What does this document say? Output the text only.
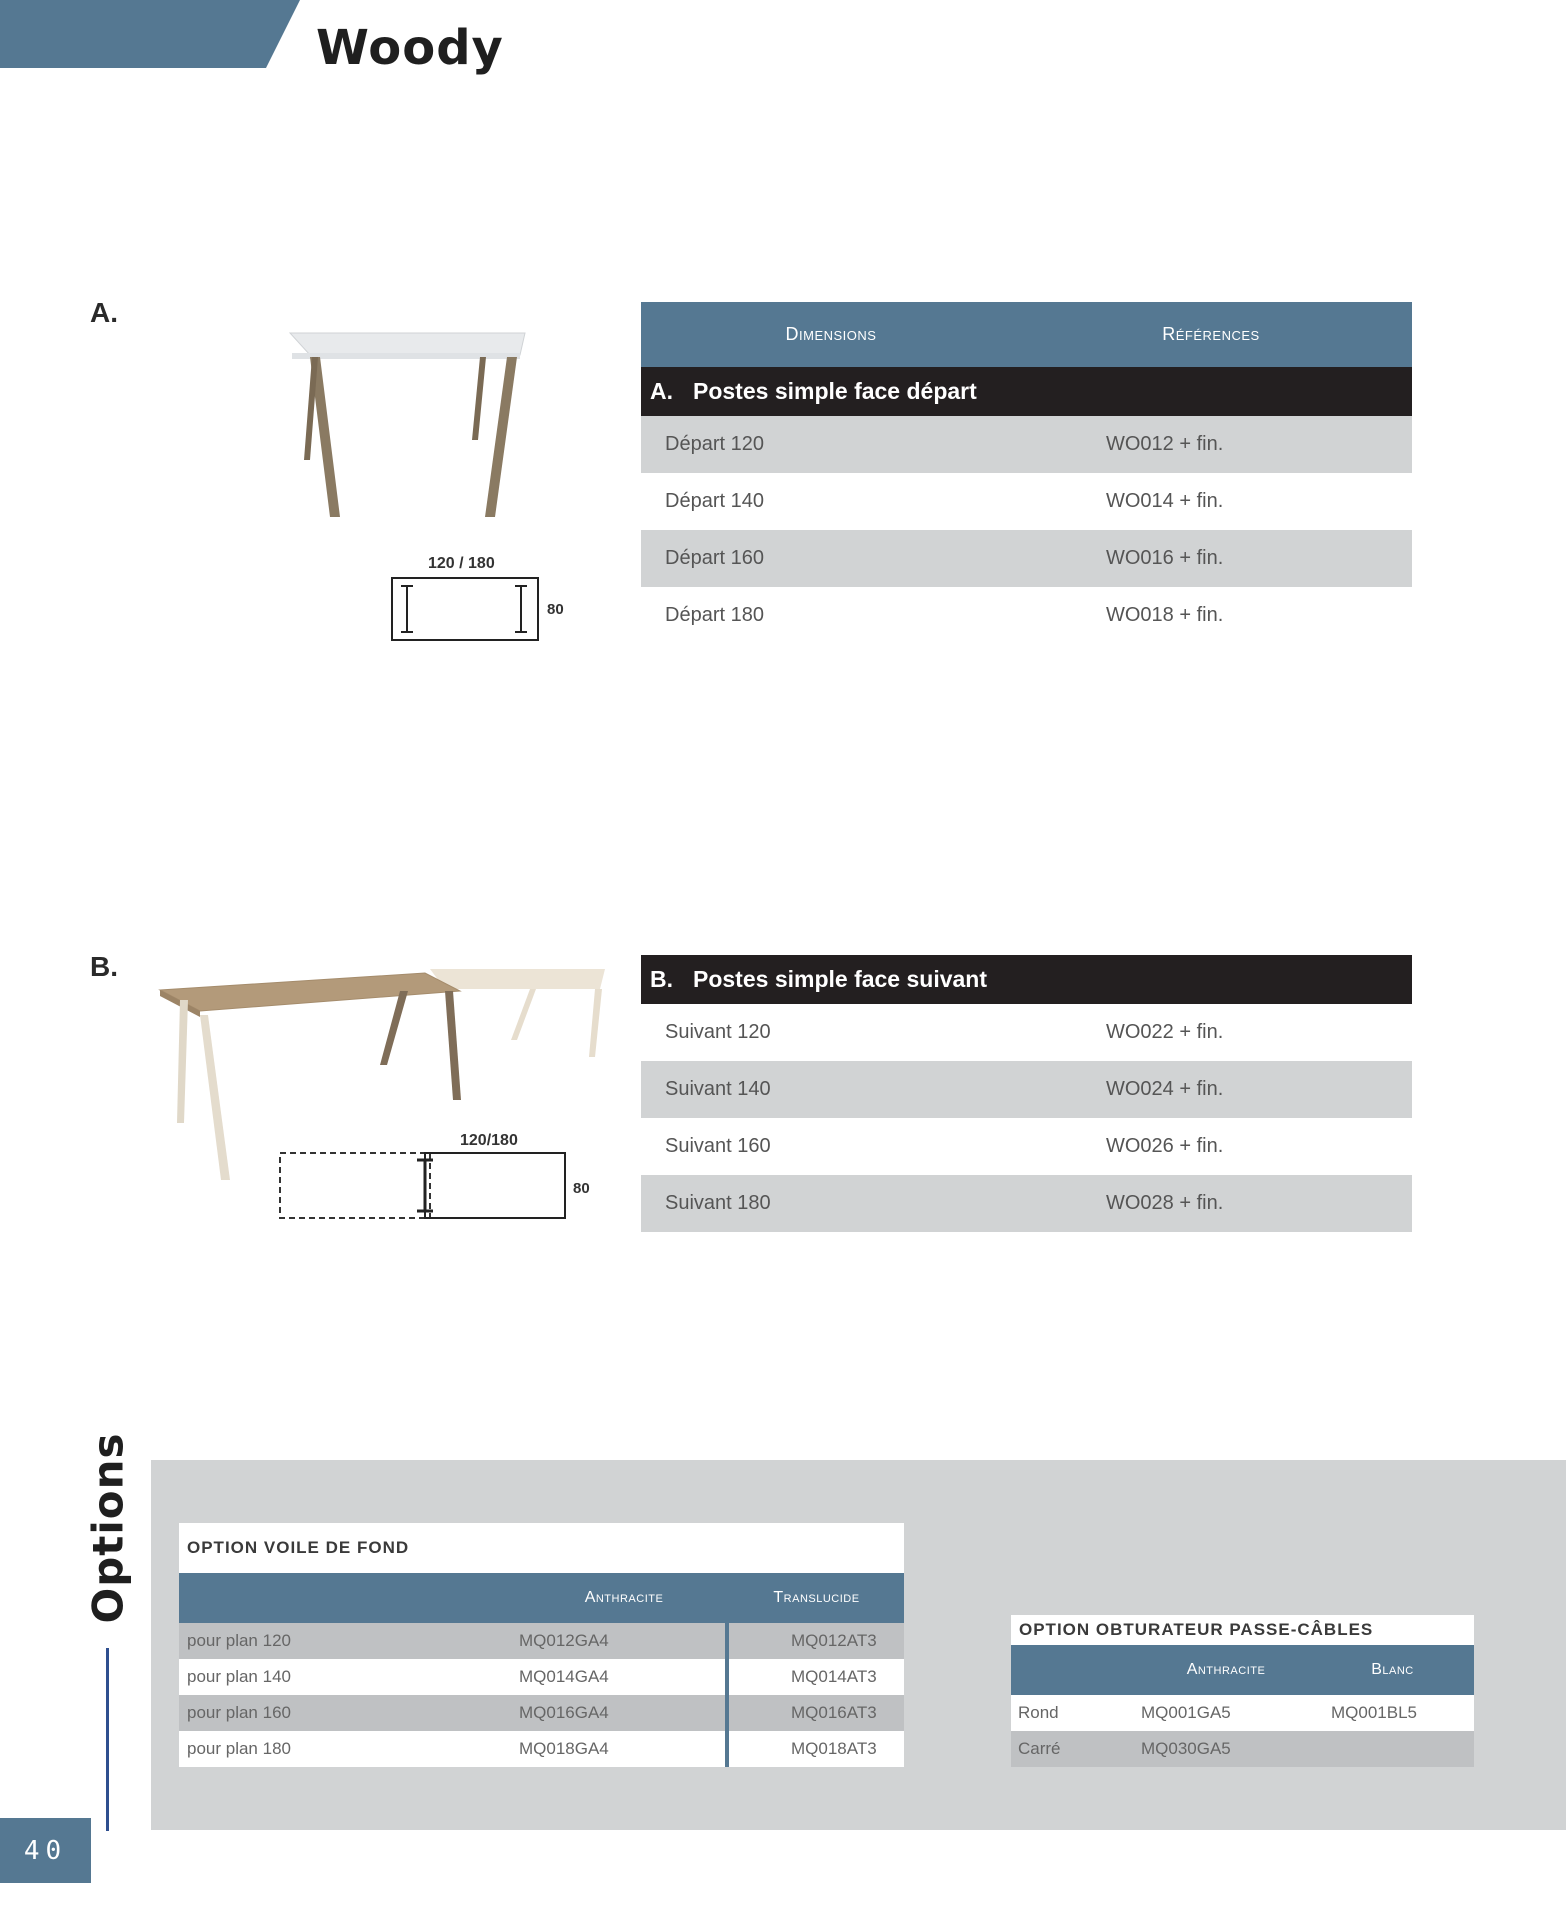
Woody
A.
120 / 180
80
Dimensions	Références
A. Postes simple face départ
Départ 120	WO012 + fin.
Départ 140	WO014 + fin.
Départ 160	WO016 + fin.
Départ 180	WO018 + fin.
B.
120/180
80
B. Postes simple face suivant
Suivant 120	WO022 + fin.
Suivant 140	WO024 + fin.
Suivant 160	WO026 + fin.
Suivant 180	WO028 + fin.
Options	OPTION VOILE DE FOND
Anthracite	Translucide
pour plan 120	MQ012GA4	MQ012AT3
pour plan 140	MQ014GA4	MQ014AT3
pour plan 160	MQ016GA4	MQ016AT3
pour plan 180	MQ018GA4	MQ018AT3
OPTION OBTURATEUR PASSE-CÂBLES
Anthracite	Blanc
Rond	MQ001GA5	MQ001BL5
Carré	MQ030GA5
40
